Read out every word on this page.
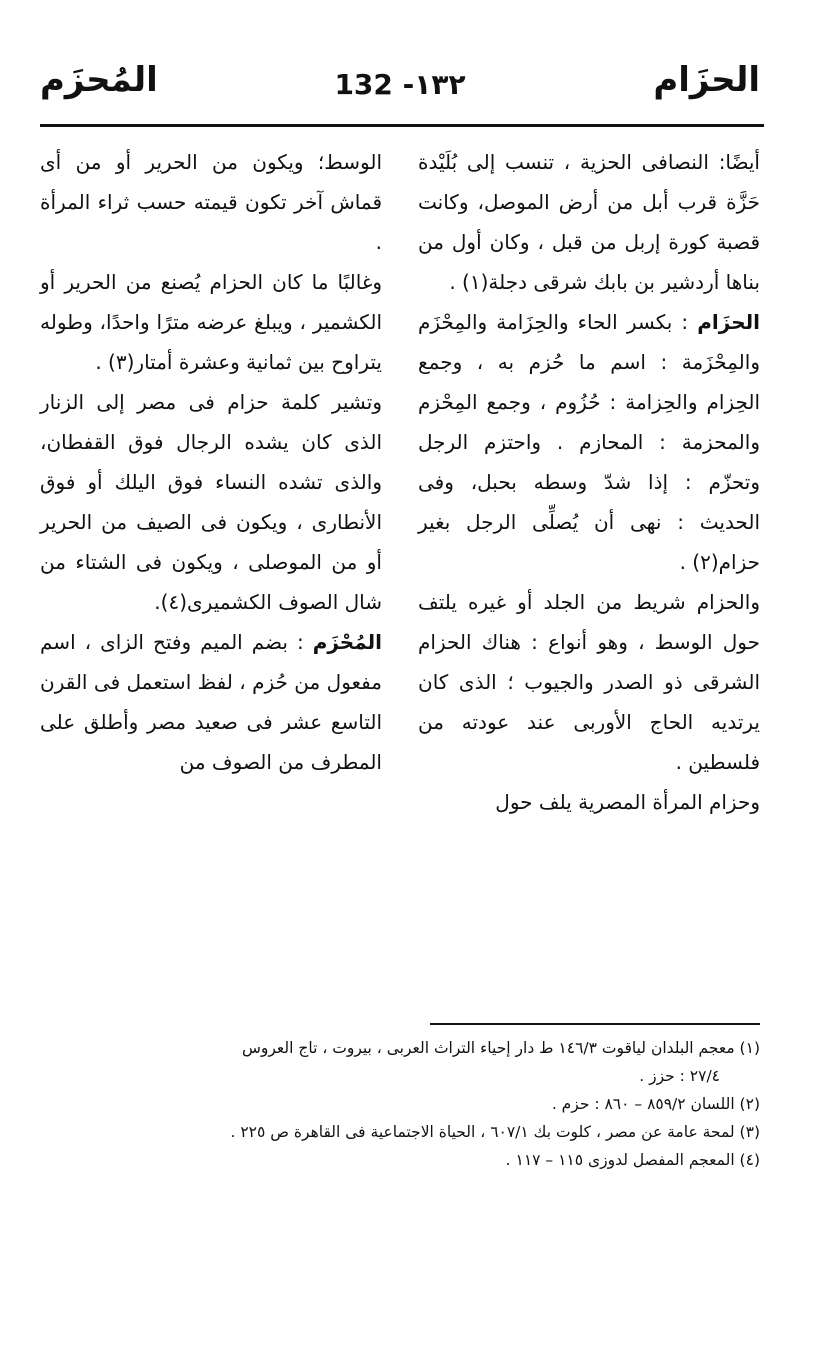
الحزَام
132 -١٣٢
المُحزَم

أيضًا: النصافى الحزية ، تنسب إلى بُلَيْدة حَزَّة قرب أبل من أرض الموصل، وكانت قصبة كورة إربل من قبل ، وكان أول من بناها أردشير بن بابك شرقى دجلة(١) .

الحزَام : بكسر الحاء والحِزَامة والمِحْزَم والمِحْزَمة : اسم ما حُزم به ، وجمع الحِزام والحِزامة : حُزُوم ، وجمع المِحْزم والمحزمة : المحازم . واحتزم الرجل وتحزّم : إذا شدّ وسطه بحبل، وفى الحديث : نهى أن يُصلِّى الرجل بغير حزام(٢) .

والحزام شريط من الجلد أو غيره يلتف حول الوسط ، وهو أنواع : هناك الحزام الشرقى ذو الصدر والجيوب ؛ الذى كان يرتديه الحاج الأوربى عند عودته من فلسطين .

وحزام المرأة المصرية يلف حول

الوسط؛ ويكون من الحرير أو من أى قماش آخر تكون قيمته حسب ثراء المرأة .

وغالبًا ما كان الحزام يُصنع من الحرير أو الكشمير ، ويبلغ عرضه مترًا واحدًا، وطوله يتراوح بين ثمانية وعشرة أمتار(٣) .

وتشير كلمة حزام فى مصر إلى الزنار الذى كان يشده الرجال فوق القفطان، والذى تشده النساء فوق اليلك أو فوق الأنطارى ، ويكون فى الصيف من الحرير أو من الموصلى ، ويكون فى الشتاء من شال الصوف الكشميرى(٤).

المُحْزَم : بضم الميم وفتح الزاى ، اسم مفعول من حُزم ، لفظ استعمل فى القرن التاسع عشر فى صعيد مصر وأطلق على المطرف من الصوف من

(١) معجم البلدان لياقوت ١٤٦/٣ ط دار إحياء التراث العربى ، بيروت ، تاج العروس

٢٧/٤ : حزز .

(٢) اللسان ٨٥٩/٢ – ٨٦٠ : حزم .

(٣) لمحة عامة عن مصر ، كلوت بك ٦٠٧/١ ، الحياة الاجتماعية فى القاهرة ص ٢٢٥ .

(٤) المعجم المفصل لدوزى ١١٥ – ١١٧ .
